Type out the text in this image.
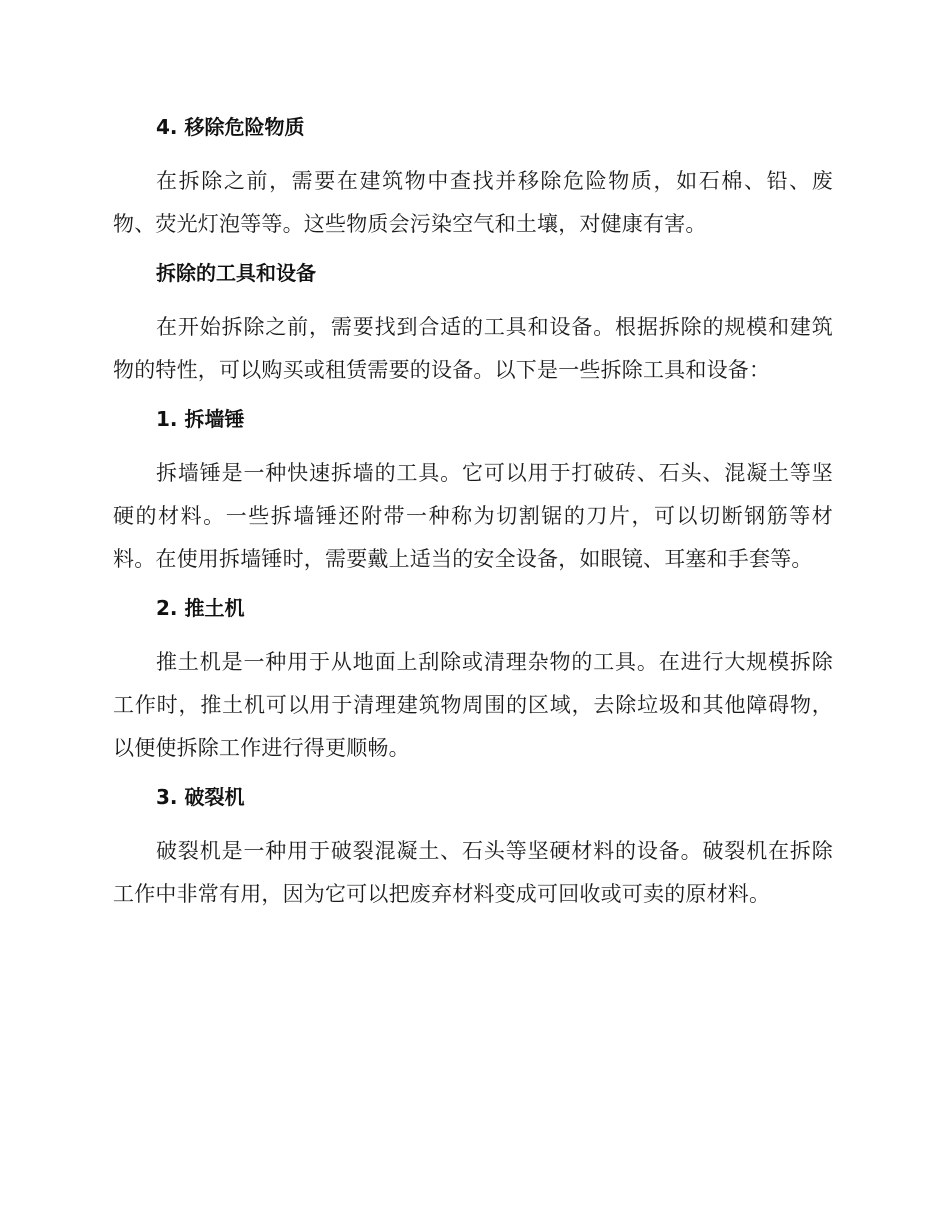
4. 移除危险物质

在拆除之前，需要在建筑物中查找并移除危险物质，如石棉、铅、废物、荧光灯泡等等。这些物质会污染空气和土壤，对健康有害。

拆除的工具和设备

在开始拆除之前，需要找到合适的工具和设备。根据拆除的规模和建筑物的特性，可以购买或租赁需要的设备。以下是一些拆除工具和设备：

1. 拆墙锤

拆墙锤是一种快速拆墙的工具。它可以用于打破砖、石头、混凝土等坚硬的材料。一些拆墙锤还附带一种称为切割锯的刀片，可以切断钢筋等材料。在使用拆墙锤时，需要戴上适当的安全设备，如眼镜、耳塞和手套等。

2. 推土机

推土机是一种用于从地面上刮除或清理杂物的工具。在进行大规模拆除工作时，推土机可以用于清理建筑物周围的区域，去除垃圾和其他障碍物，以便使拆除工作进行得更顺畅。

3. 破裂机

破裂机是一种用于破裂混凝土、石头等坚硬材料的设备。破裂机在拆除工作中非常有用，因为它可以把废弃材料变成可回收或可卖的原材料。
